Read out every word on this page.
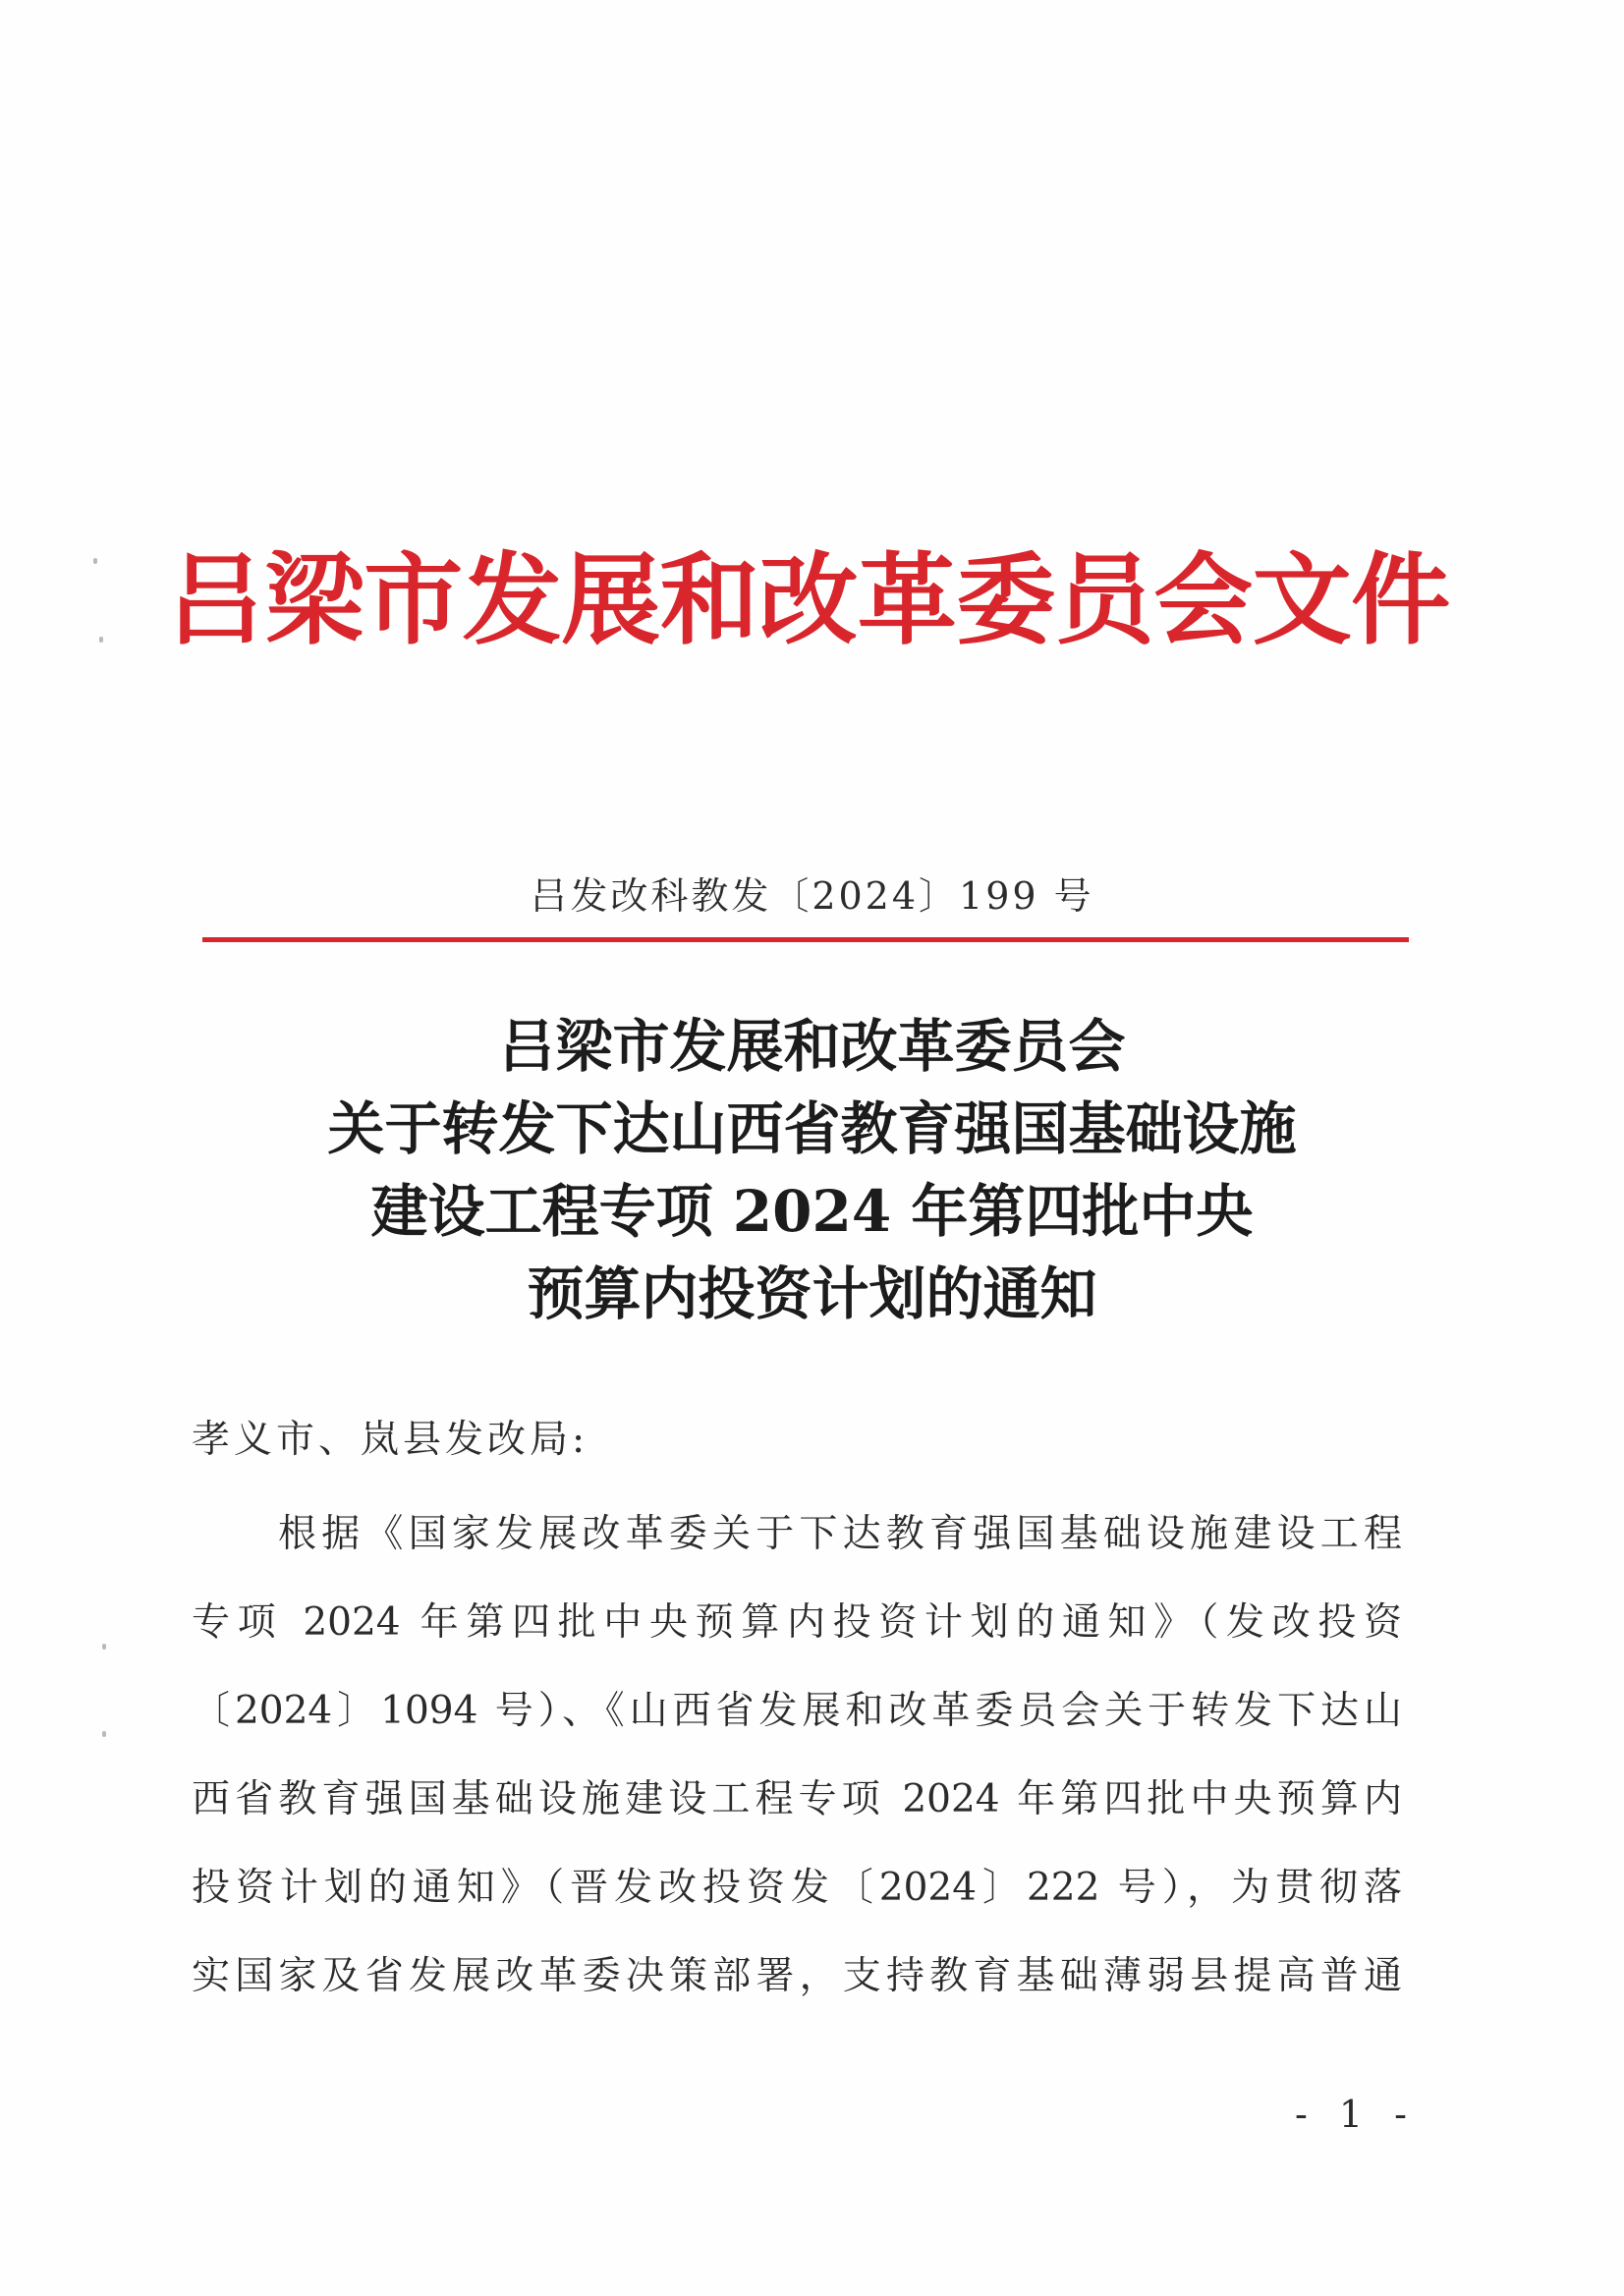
吕梁市发展和改革委员会文件
吕发改科教发〔2024〕199 号
吕梁市发展和改革委员会
关于转发下达山西省教育强国基础设施
建设工程专项 2024 年第四批中央
预算内投资计划的通知
孝义市、岚县发改局:
根据《国家发展改革委关于下达教育强国基础设施建设工程
专项 2024 年第四批中央预算内投资计划的通知》（发改投资
〔2024〕1094 号）、《山西省发展和改革委员会关于转发下达山
西省教育强国基础设施建设工程专项 2024 年第四批中央预算内
投资计划的通知》（晋发改投资发〔2024〕222 号），为贯彻落
实国家及省发展改革委决策部署，支持教育基础薄弱县提高普通
- 1 -
